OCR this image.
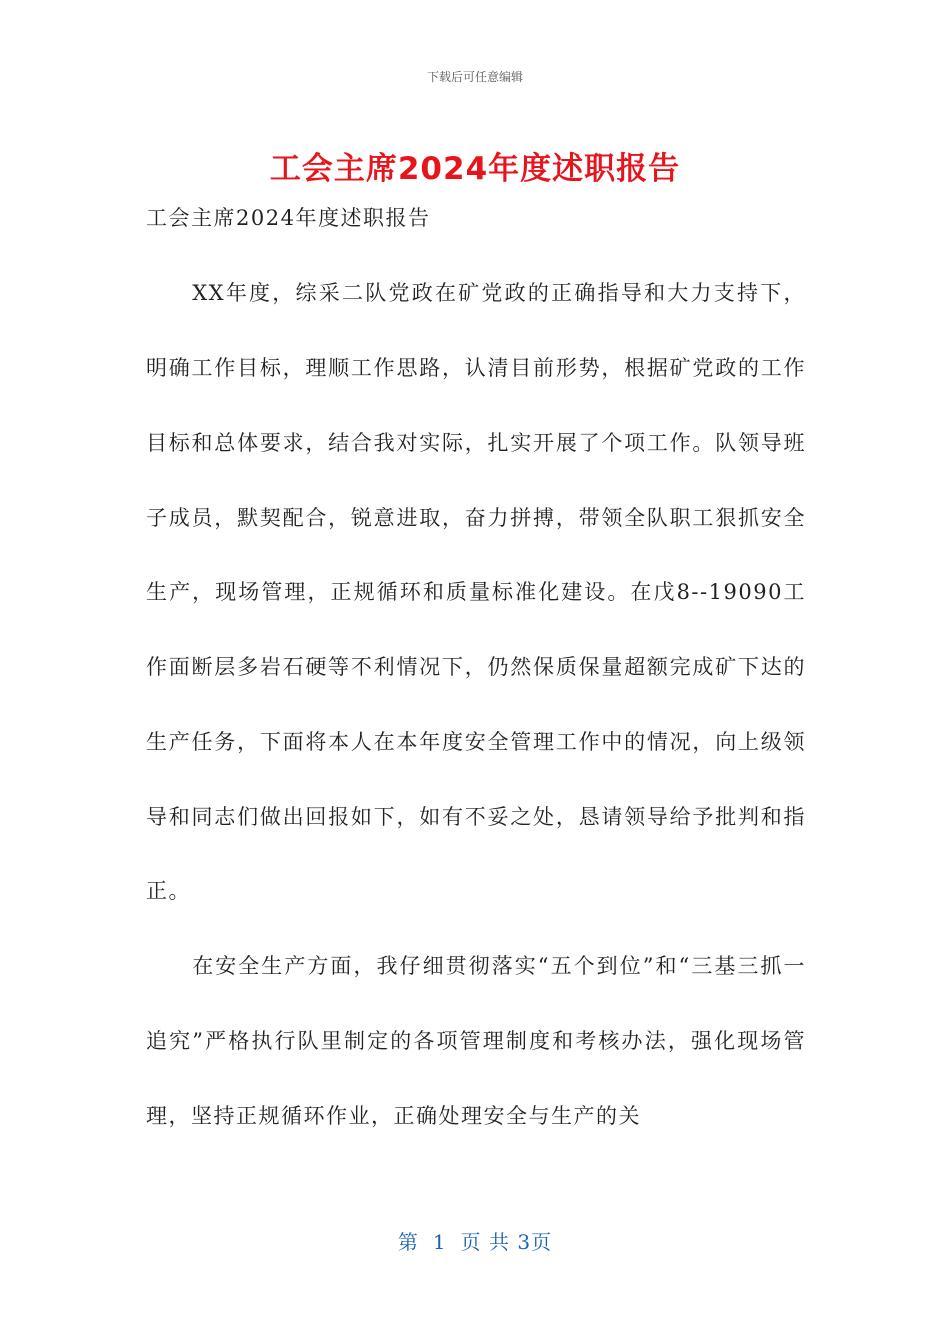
下载后可任意编辑
工会主席2024年度述职报告

工会主席2024年度述职报告

XX年度，综采二队党政在矿党政的正确指导和大力支持下，明确工作目标，理顺工作思路，认清目前形势，根据矿党政的工作目标和总体要求，结合我对实际，扎实开展了个项工作。队领导班子成员，默契配合，锐意进取，奋力拼搏，带领全队职工狠抓安全生产，现场管理，正规循环和质量标准化建设。在戊8--19090工作面断层多岩石硬等不利情况下，仍然保质保量超额完成矿下达的生产任务，下面将本人在本年度安全管理工作中的情况，向上级领导和同志们做出回报如下，如有不妥之处，恳请领导给予批判和指正。

在安全生产方面，我仔细贯彻落实“五个到位”和“三基三抓一追究”严格执行队里制定的各项管理制度和考核办法，强化现场管理，坚持正规循环作业，正确处理安全与生产的关

第 1 页 共 3页
